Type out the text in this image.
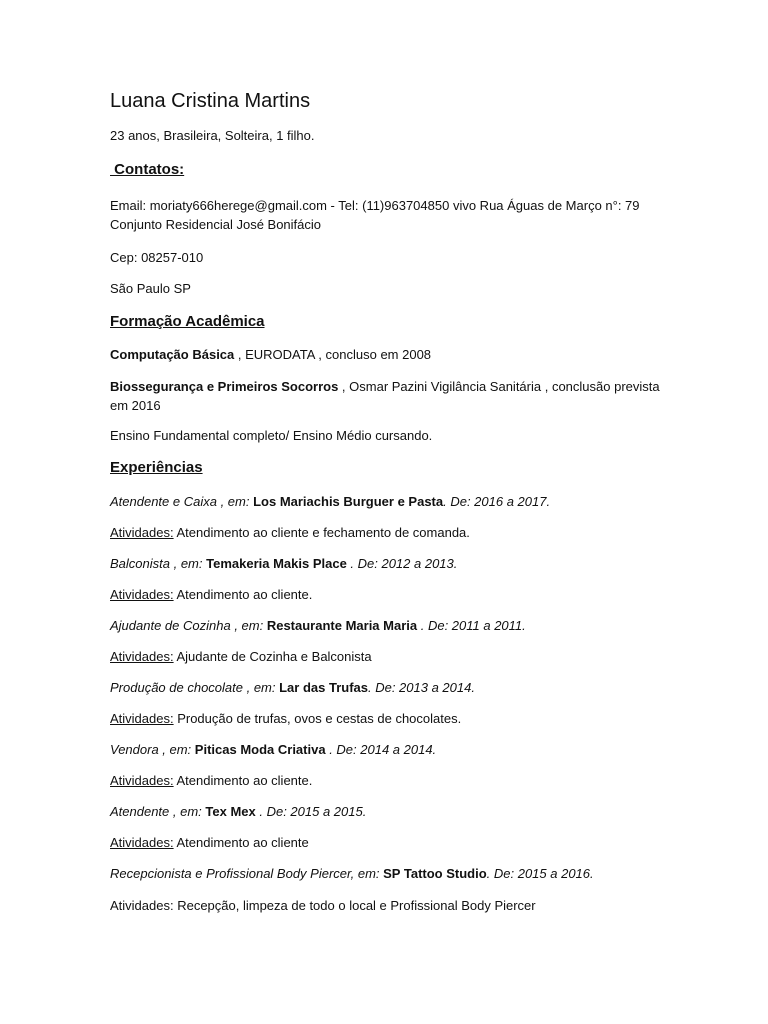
Luana Cristina Martins
23 anos, Brasileira, Solteira, 1 filho.
Contatos:
Email: moriaty666herege@gmail.com - Tel: (11)963704850 vivo Rua Águas de Março n°: 79 Conjunto Residencial José Bonifácio
Cep: 08257-010
São Paulo SP
Formação Acadêmica
Computação Básica , EURODATA , concluso em 2008
Biossegurança e Primeiros Socorros , Osmar Pazini Vigilância Sanitária , conclusão prevista em 2016
Ensino Fundamental completo/ Ensino Médio cursando.
Experiências
Atendente e Caixa , em: Los Mariachis Burguer e Pasta. De: 2016 a 2017.
Atividades: Atendimento ao cliente e fechamento de comanda.
Balconista , em: Temakeria Makis Place . De: 2012 a 2013.
Atividades: Atendimento ao cliente.
Ajudante de Cozinha , em: Restaurante Maria Maria . De: 2011 a 2011.
Atividades: Ajudante de Cozinha e Balconista
Produção de chocolate , em: Lar das Trufas. De: 2013 a 2014.
Atividades: Produção de trufas, ovos e cestas de chocolates.
Vendora , em: Piticas Moda Criativa . De: 2014 a 2014.
Atividades: Atendimento ao cliente.
Atendente , em: Tex Mex . De: 2015 a 2015.
Atividades: Atendimento ao cliente
Recepcionista e Profissional Body Piercer, em: SP Tattoo Studio. De: 2015 a 2016.
Atividades: Recepção, limpeza de todo o local e Profissional Body Piercer
